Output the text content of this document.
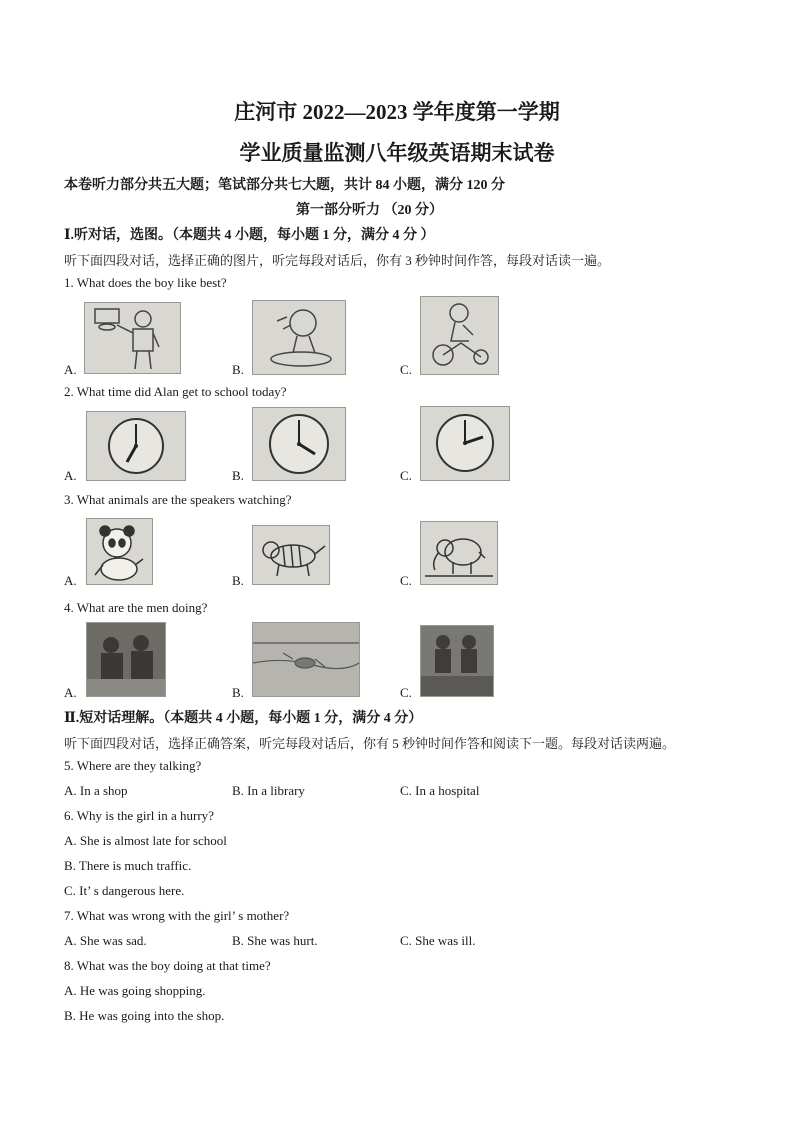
庄河市 2022—2023 学年度第一学期
学业质量监测八年级英语期末试卷
本卷听力部分共五大题；笔试部分共七大题，共计 84 小题，满分 120 分
第一部分听力 （20 分）
Ⅰ.听对话，选图。（本题共 4 小题，每小题 1 分，满分 4 分 ）
听下面四段对话，选择正确的图片，听完每段对话后，你有 3 秒钟时间作答，每段对话读一遍。
1. What does the boy like best?
A.	B.	C.
2. What time did Alan get to school today?
A.	B.	C.
3. What animals are the speakers watching?
A.	B.	C.
4. What are the men doing?
A.	B.	C.
Ⅱ.短对话理解。（本题共 4 小题，每小题 1 分，满分 4 分）
听下面四段对话，选择正确答案，听完每段对话后，你有 5 秒钟时间作答和阅读下一题。每段对话读两遍。
5. Where are they talking?
A. In a shop	B. In a library	C. In a hospital
6. Why is the girl in a hurry?
A. She is almost late for school
B. There is much traffic.
C. It’ s dangerous here.
7. What was wrong with the girl’ s mother?
A. She was sad.	B. She was hurt.	C. She was ill.
8. What was the boy doing at that time?
A. He was going shopping.
B. He was going into the shop.
